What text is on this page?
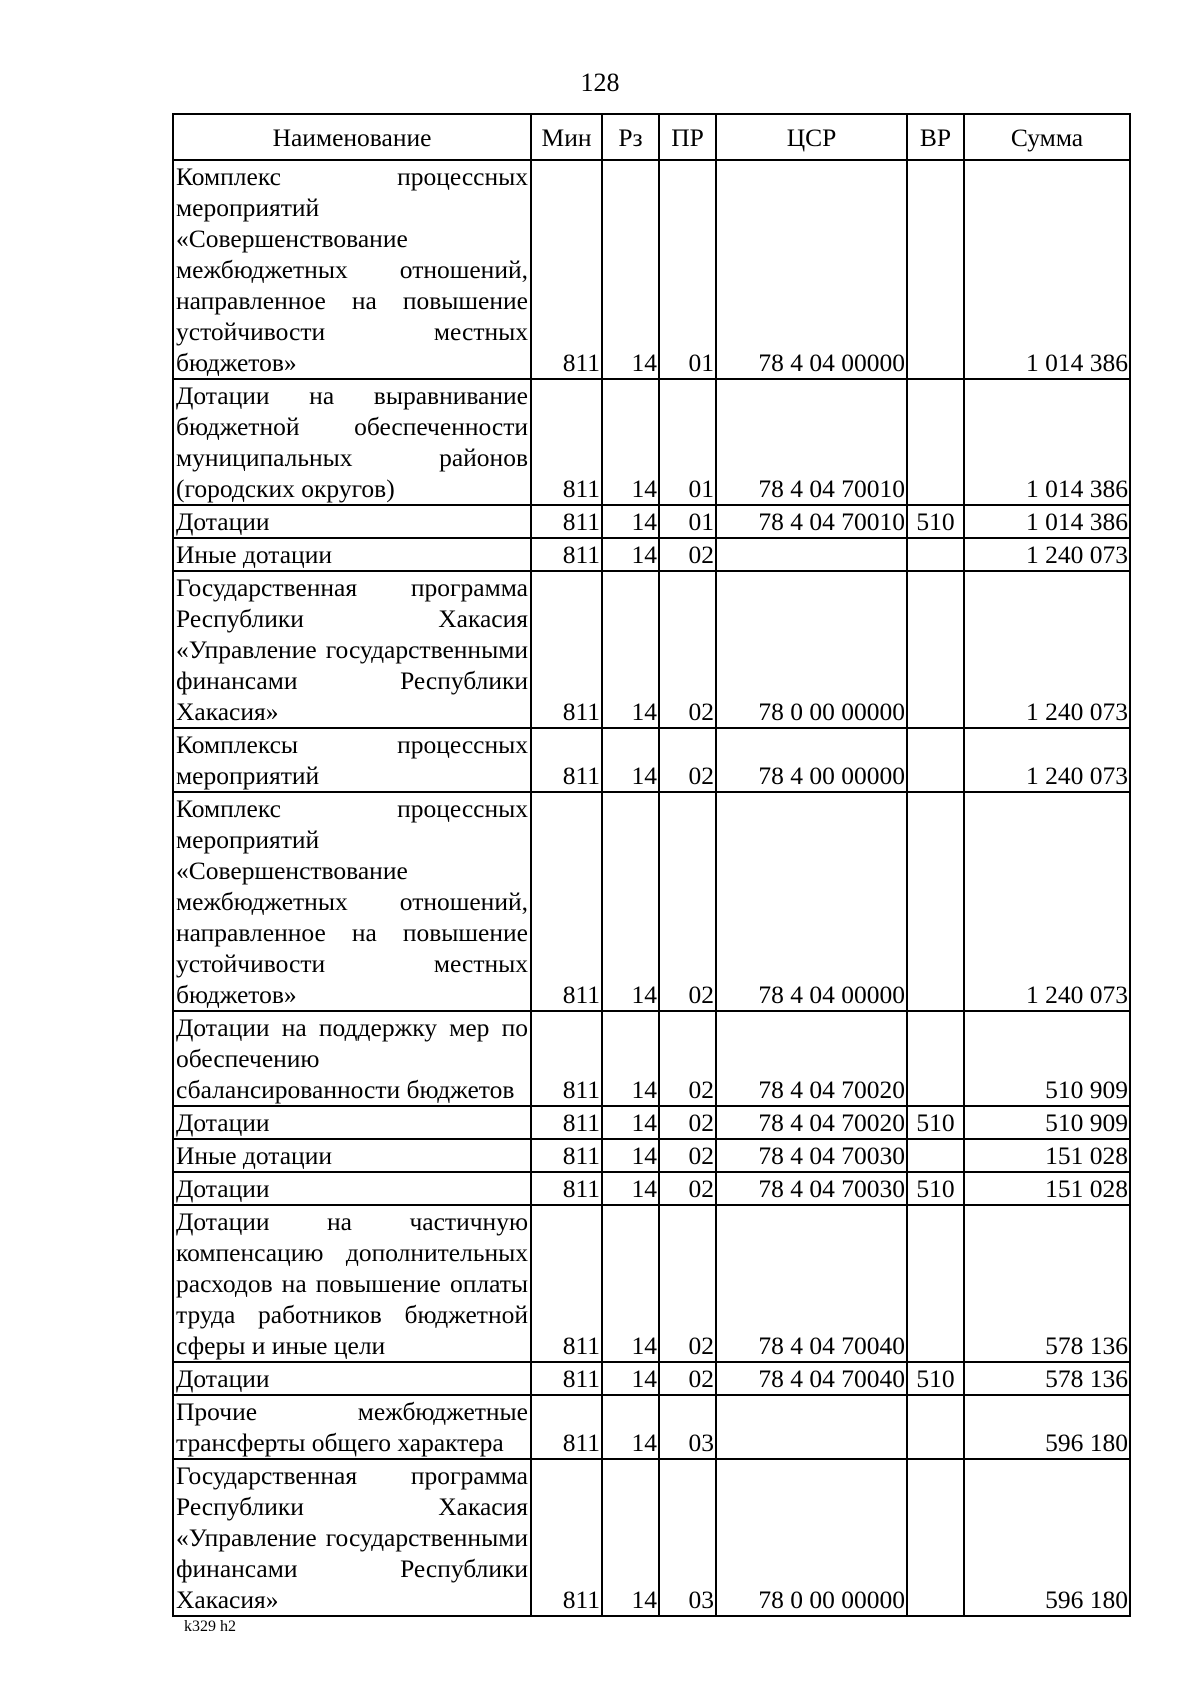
128
Наименование	Мин	Рз	ПР	ЦСР	ВР	Сумма
Комплекс процессных мероприятий «Совершенствование межбюджетных отношений, направленное на повышение устойчивости местных бюджетов»	811	14	01	78 4 04 00000		1 014 386
Дотации на выравнивание бюджетной обеспеченности муниципальных районов (городских округов)	811	14	01	78 4 04 70010		1 014 386
Дотации	811	14	01	78 4 04 70010	510	1 014 386
Иные дотации	811	14	02			1 240 073
Государственная программа Республики Хакасия «Управление государственными финансами Республики Хакасия»	811	14	02	78 0 00 00000		1 240 073
Комплексы процессных мероприятий	811	14	02	78 4 00 00000		1 240 073
Комплекс процессных мероприятий «Совершенствование межбюджетных отношений, направленное на повышение устойчивости местных бюджетов»	811	14	02	78 4 04 00000		1 240 073
Дотации на поддержку мер по обеспечению сбалансированности бюджетов	811	14	02	78 4 04 70020		510 909
Дотации	811	14	02	78 4 04 70020	510	510 909
Иные дотации	811	14	02	78 4 04 70030		151 028
Дотации	811	14	02	78 4 04 70030	510	151 028
Дотации на частичную компенсацию дополнительных расходов на повышение оплаты труда работников бюджетной сферы и иные цели	811	14	02	78 4 04 70040		578 136
Дотации	811	14	02	78 4 04 70040	510	578 136
Прочие межбюджетные трансферты общего характера	811	14	03			596 180
Государственная программа Республики Хакасия «Управление государственными финансами Республики Хакасия»	811	14	03	78 0 00 00000		596 180
k329 h2
